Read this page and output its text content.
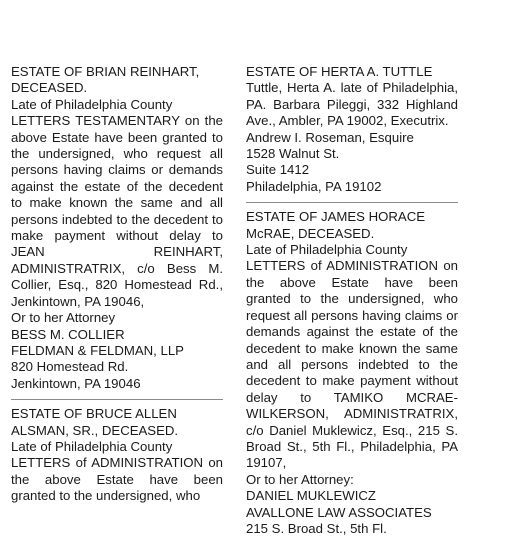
ESTATE OF BRIAN REINHART,
DECEASED.

Late of Philadelphia County

LETTERS TESTAMENTARY on the above Estate have been granted to the undersigned, who request all persons having claims or demands against the estate of the decedent to make known the same and all persons indebted to the decedent to make payment without delay to JEAN REINHART, ADMINISTRATRIX, c/o Bess M. Collier, Esq., 820 Homestead Rd., Jenkintown, PA 19046,

Or to her Attorney

BESS M. COLLIER
FELDMAN & FELDMAN, LLP
820 Homestead Rd.
Jenkintown, PA 19046

ESTATE OF BRUCE ALLEN
ALSMAN, SR., DECEASED.

Late of Philadelphia County

LETTERS of ADMINISTRATION on the above Estate have been granted to the undersigned, who

ESTATE OF HERTA A. TUTTLE

Tuttle, Herta A. late of Philadelphia, PA. Barbara Pileggi, 332 Highland Ave., Ambler, PA 19002, Executrix.

Andrew I. Roseman, Esquire
1528 Walnut St.
Suite 1412
Philadelphia, PA 19102

ESTATE OF JAMES HORACE
McRAE, DECEASED.

Late of Philadelphia County

LETTERS of ADMINISTRATION on the above Estate have been granted to the undersigned, who request all persons having claims or demands against the estate of the decedent to make known the same and all persons indebted to the decedent to make payment without delay to TAMIKO MCRAE-WILKERSON, ADMINISTRATRIX, c/o Daniel Muklewicz, Esq., 215 S. Broad St., 5th Fl., Philadelphia, PA 19107,

Or to her Attorney:

DANIEL MUKLEWICZ
AVALLONE LAW ASSOCIATES
215 S. Broad St., 5th Fl.
